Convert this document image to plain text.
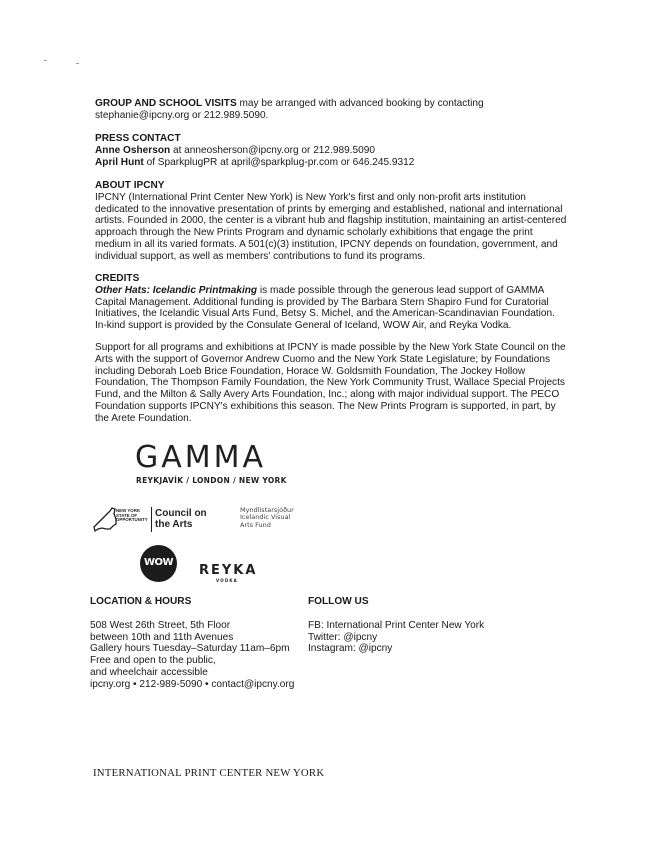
GROUP AND SCHOOL VISITS may be arranged with advanced booking by contacting

stephanie@ipcny.org or 212.989.5090.

PRESS CONTACT

Anne Osherson at anneosherson@ipcny.org or 212.989.5090

April Hunt of SparkplugPR at april@sparkplug-pr.com or 646.245.9312

ABOUT IPCNY

IPCNY (International Print Center New York) is New York's first and only non-profit arts institution

dedicated to the innovative presentation of prints by emerging and established, national and international

artists. Founded in 2000, the center is a vibrant hub and flagship institution, maintaining an artist-centered

approach through the New Prints Program and dynamic scholarly exhibitions that engage the print

medium in all its varied formats. A 501(c)(3) institution, IPCNY depends on foundation, government, and

individual support, as well as members' contributions to fund its programs.

CREDITS

Other Hats: Icelandic Printmaking is made possible through the generous lead support of GAMMA

Capital Management. Additional funding is provided by The Barbara Stern Shapiro Fund for Curatorial

Initiatives, the Icelandic Visual Arts Fund, Betsy S. Michel, and the American-Scandinavian Foundation.

In-kind support is provided by the Consulate General of Iceland, WOW Air, and Reyka Vodka.

Support for all programs and exhibitions at IPCNY is made possible by the New York State Council on the

Arts with the support of Governor Andrew Cuomo and the New York State Legislature; by Foundations

including Deborah Loeb Brice Foundation, Horace W. Goldsmith Foundation, The Jockey Hollow

Foundation, The Thompson Family Foundation, the New York Community Trust, Wallace Special Projects

Fund, and the Milton & Sally Avery Arts Foundation, Inc.; along with major individual support. The PECO

Foundation supports IPCNY's exhibitions this season. The New Prints Program is supported, in part, by

the Arete Foundation.

GAMMA
REYKJAVÍK / LONDON / NEW YORK
NEW YORK STATE OF OPPORTUNITY
Council on the Arts
Myndlistarsjóður
Icelandic Visual
Arts Fund
WOW
REYKA
VODKA
LOCATION & HOURS

508 West 26th Street, 5th Floor

between 10th and 11th Avenues

Gallery hours Tuesday–Saturday 11am–6pm

Free and open to the public,

and wheelchair accessible

ipcny.org • 212-989-5090 • contact@ipcny.org

FOLLOW US

FB: International Print Center New York

Twitter: @ipcny

Instagram: @ipcny

INTERNATIONAL PRINT CENTER NEW YORK
